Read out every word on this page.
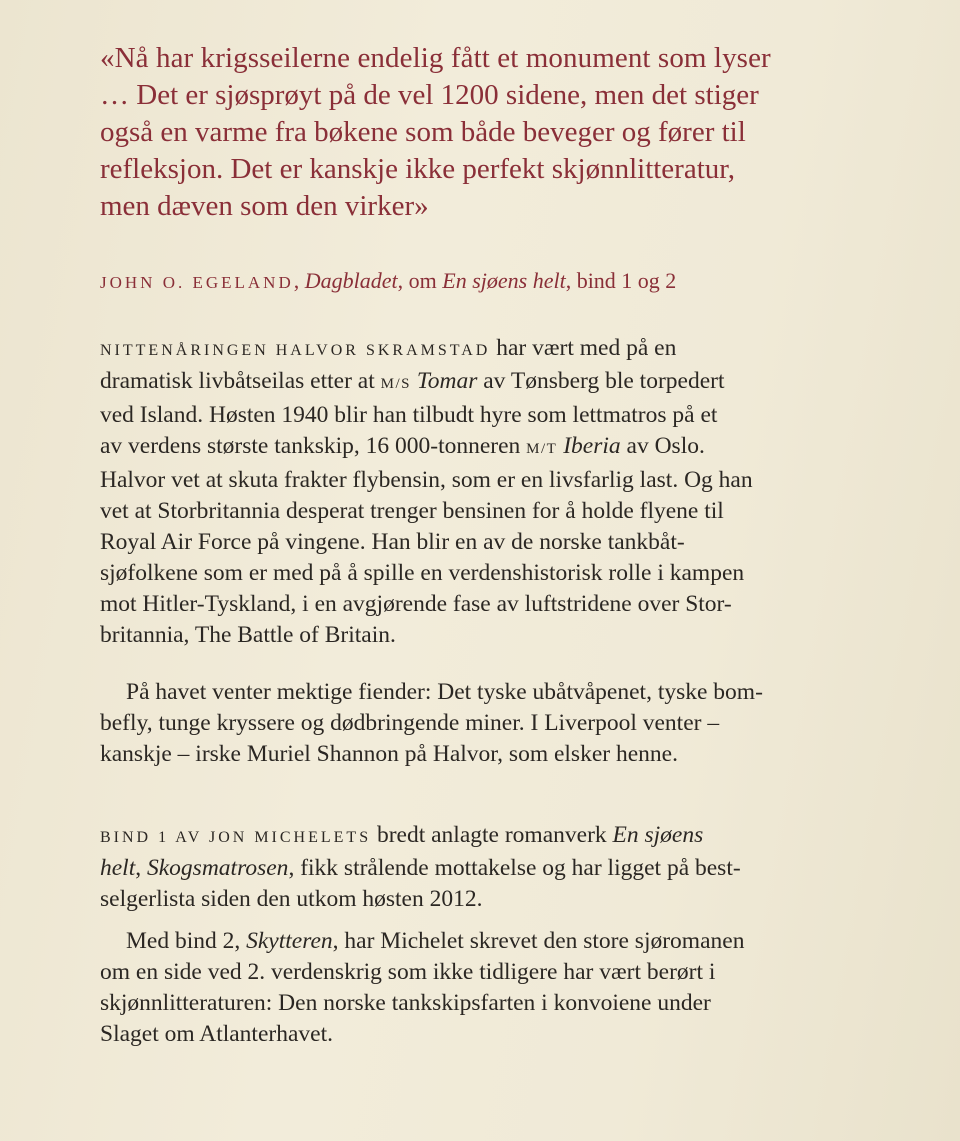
«Nå har krigsseilerne endelig fått et monument som lyser
… Det er sjøsprøyt på de vel 1200 sidene, men det stiger
også en varme fra bøkene som både beveger og fører til
refleksjon. Det er kanskje ikke perfekt skjønnlitteratur,
men dæven som den virker»
JOHN O. EGELAND, Dagbladet, om En sjøens helt, bind 1 og 2
NITTENÅRINGEN HALVOR SKRAMSTAD har vært med på en
dramatisk livbåtseilas etter at M/S Tomar av Tønsberg ble torpedert
ved Island. Høsten 1940 blir han tilbudt hyre som lettmatros på et
av verdens største tankskip, 16 000-tonneren M/T Iberia av Oslo.
Halvor vet at skuta frakter flybensin, som er en livsfarlig last. Og han
vet at Storbritannia desperat trenger bensinen for å holde flyene til
Royal Air Force på vingene. Han blir en av de norske tankbåt-
sjøfolkene som er med på å spille en verdenshistorisk rolle i kampen
mot Hitler-Tyskland, i en avgjørende fase av luftstridene over Stor-
britannia, The Battle of Britain.
På havet venter mektige fiender: Det tyske ubåtvåpenet, tyske bom-
befly, tunge kryssere og dødbringende miner. I Liverpool venter –
kanskje – irske Muriel Shannon på Halvor, som elsker henne.
BIND 1 AV JON MICHELETS bredt anlagte romanverk En sjøens
helt, Skogsmatrosen, fikk strålende mottakelse og har ligget på best-
selgerlista siden den utkom høsten 2012.
Med bind 2, Skytteren, har Michelet skrevet den store sjøromanen
om en side ved 2. verdenskrig som ikke tidligere har vært berørt i
skjønnlitteraturen: Den norske tankskipsfarten i konvoiene under
Slaget om Atlanterhavet.
